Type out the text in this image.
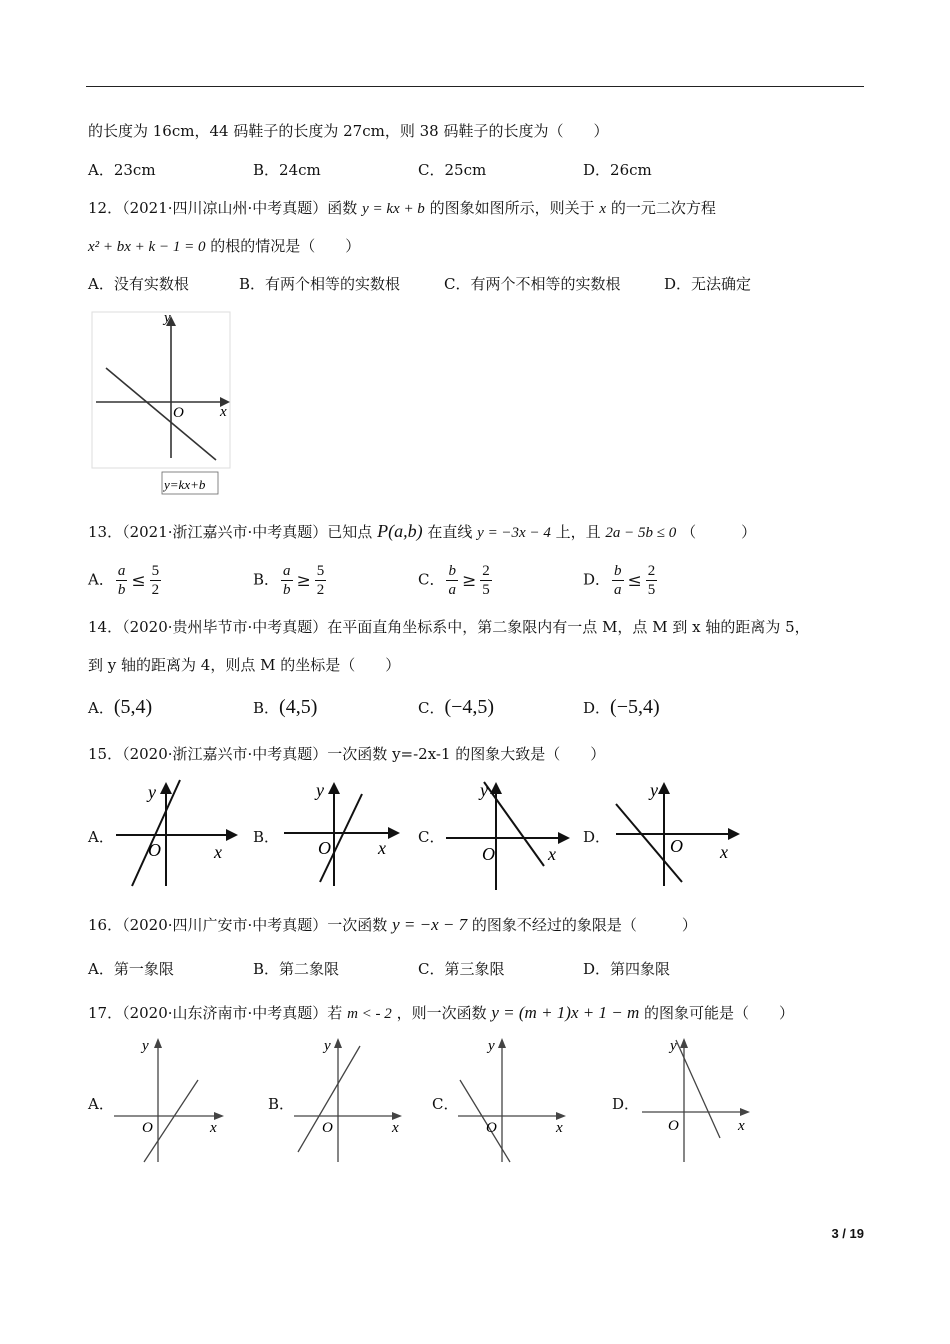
的长度为 16cm，44 码鞋子的长度为 27cm，则 38 码鞋子的长度为（　　）
A．23cm	B．24cm	C．25cm	D．26cm
12．（2021·四川凉山州·中考真题）函数 y = kx + b 的图象如图所示，则关于 x 的一元二次方程
x² + bx + k − 1 = 0 的根的情况是（　　）
A．没有实数根	B．有两个相等的实数根	C．有两个不相等的实数根	D．无法确定
y
x
O
y=kx+b
13．（2021·浙江嘉兴市·中考真题）已知点 P(a,b) 在直线 y = −3x − 4 上，且 2a − 5b ≤ 0 （　　　）
A． $\frac{a}{b} \le \frac{5}{2}$	B． $\frac{a}{b} \ge \frac{5}{2}$	C． $\frac{b}{a} \ge \frac{2}{5}$	D． $\frac{b}{a} \le \frac{2}{5}$
14．（2020·贵州毕节市·中考真题）在平面直角坐标系中，第二象限内有一点 M，点 M 到 x 轴的距离为 5，
到 y 轴的距离为 4，则点 M 的坐标是（　　）
A．(5,4)	B．(4,5)	C．(−4,5)	D．(−5,4)
15．（2020·浙江嘉兴市·中考真题）一次函数 y=-2x-1 的图象大致是（　　）
A．
y
x
O
B．
y
x
O
C．
y
x
O
D．
y
x
O
16．（2020·四川广安市·中考真题）一次函数 y = −x − 7 的图象不经过的象限是（　　　）
A．第一象限	B．第二象限	C．第三象限	D．第四象限
17．（2020·山东济南市·中考真题）若 m < - 2 ，则一次函数 y = (m + 1)x + 1 − m 的图象可能是（　　）
A．
y
x
O
B．
y
x
O
C．
y
x
O
D．
y
x
O
3 / 19
